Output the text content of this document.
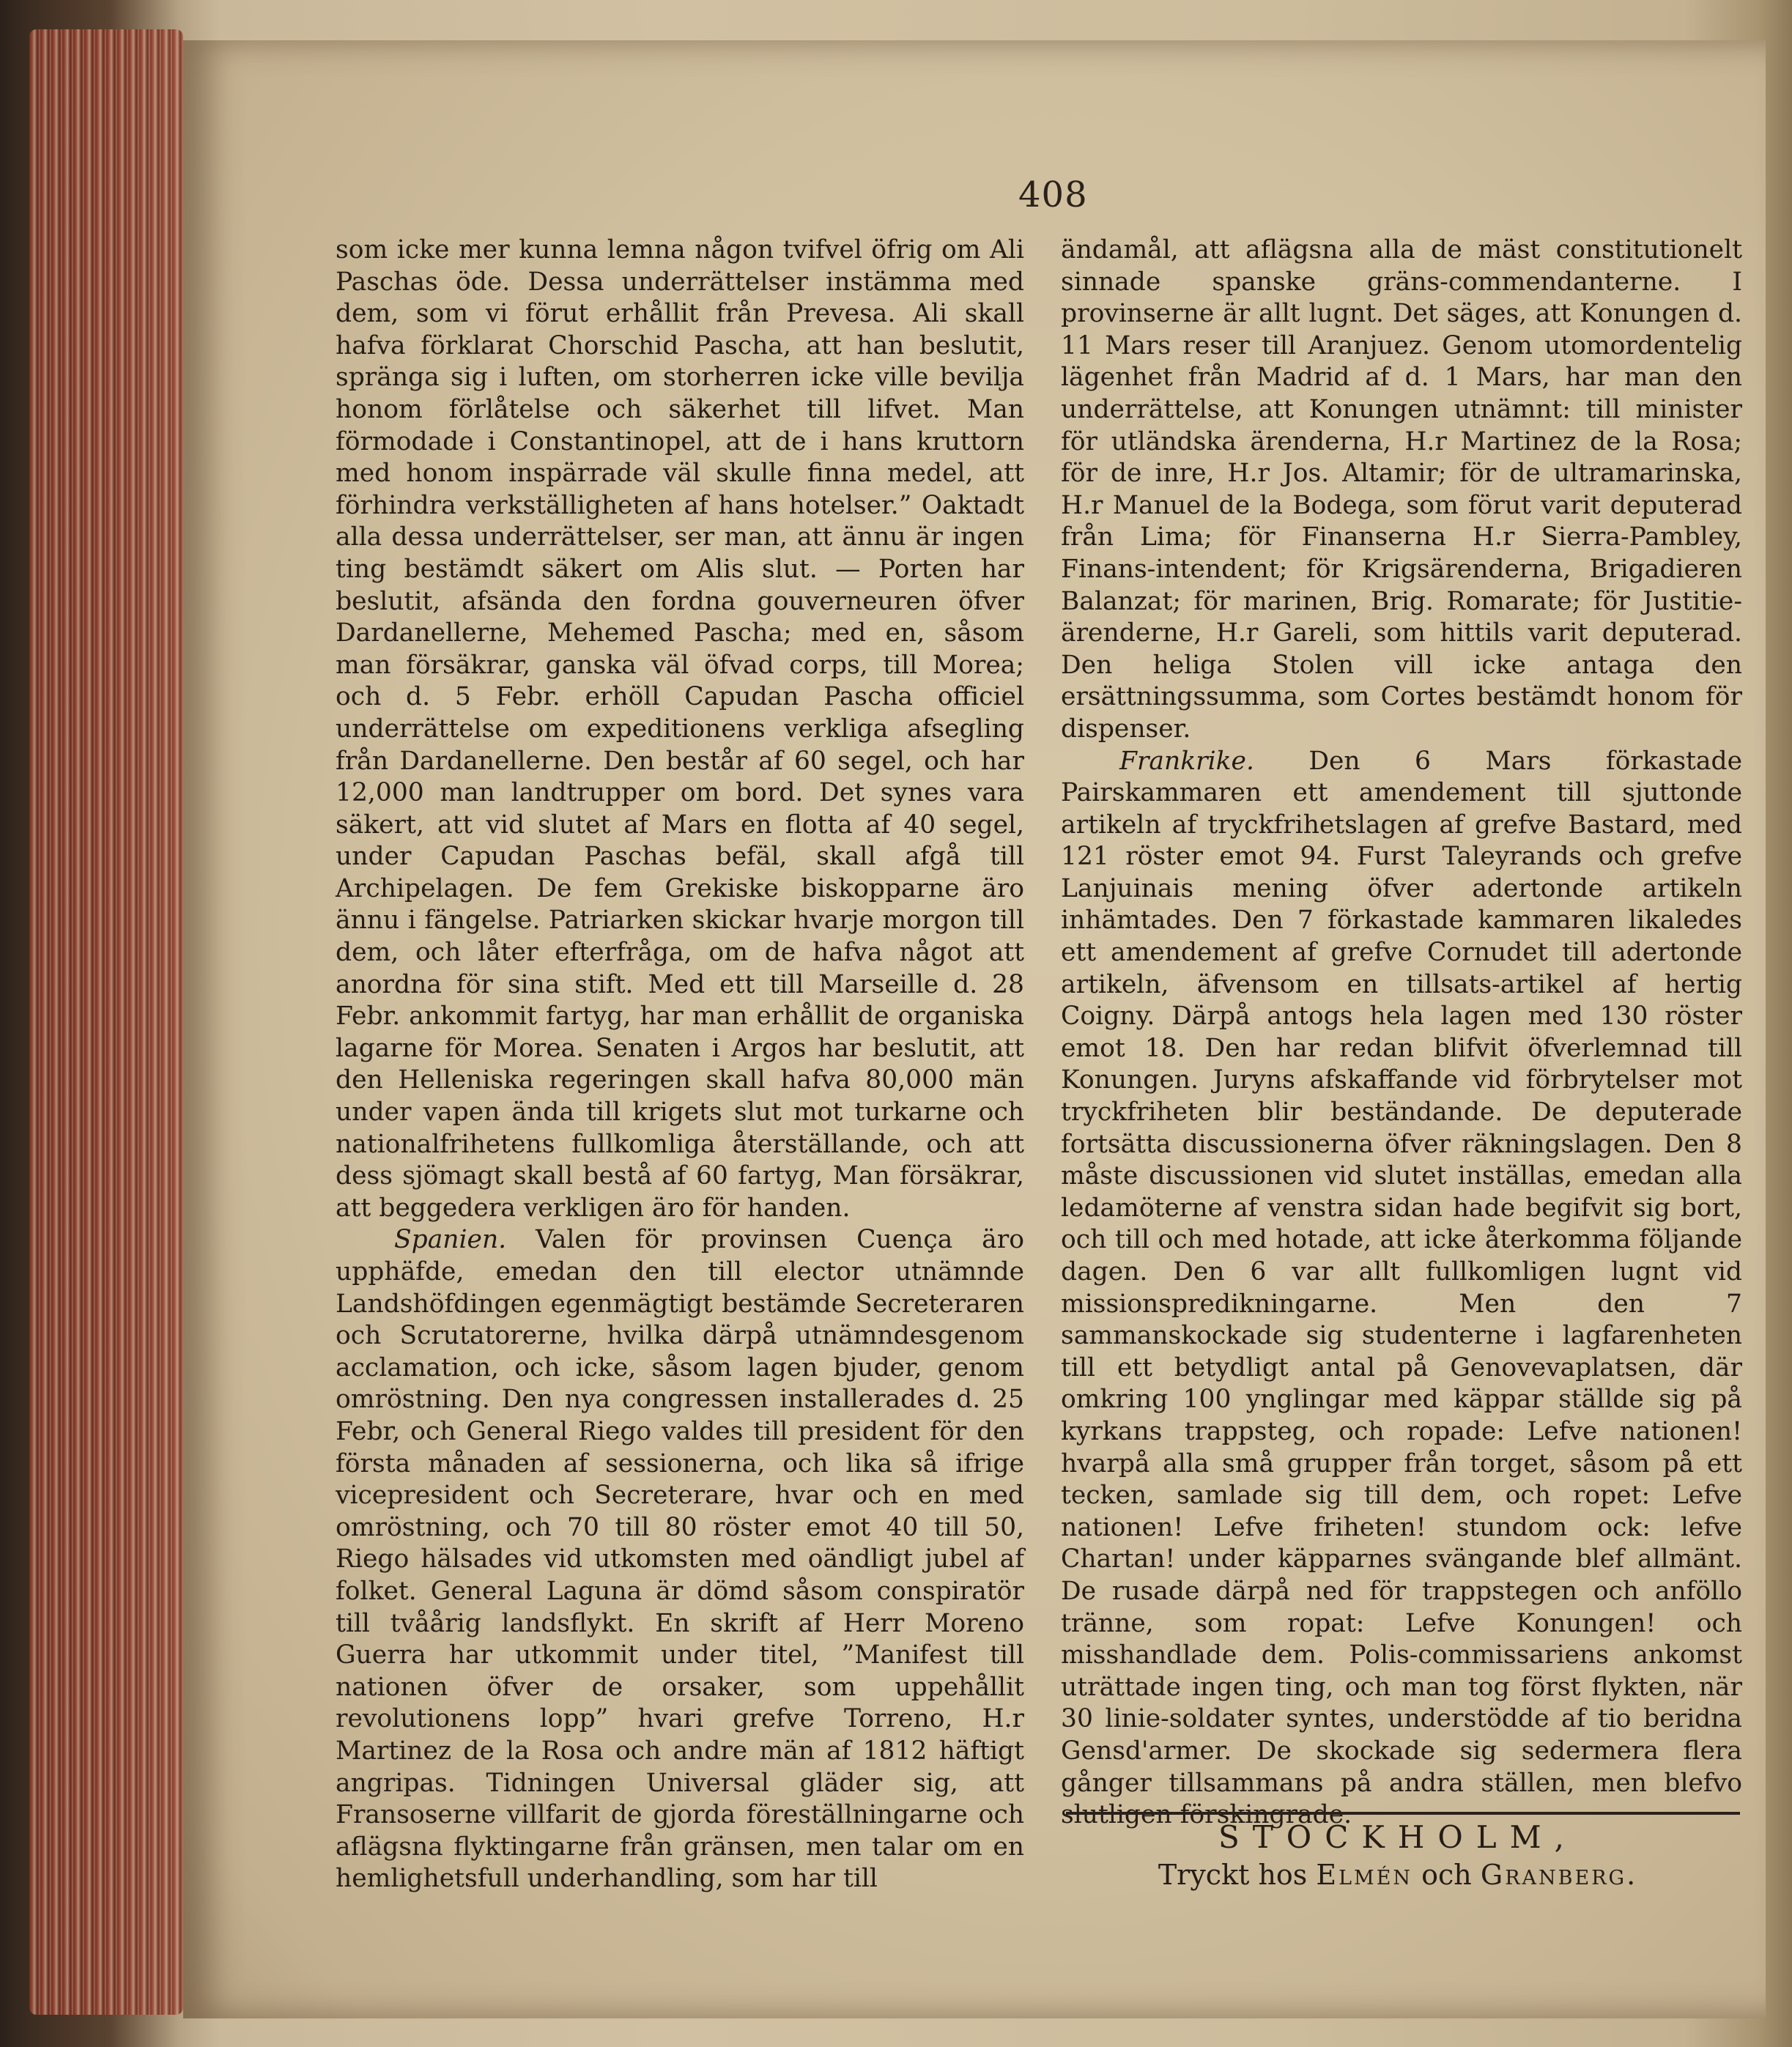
408

som icke mer kunna lemna någon tvifvel öfrig om Ali Paschas öde. Dessa underrättelser instämma med dem, som vi förut erhållit från Prevesa. Ali skall hafva förklarat Chorschid Pascha, att han beslutit, spränga sig i luften, om storherren icke ville bevilja honom förlåtelse och säkerhet till lifvet. Man förmodade i Constantinopel, att de i hans kruttorn med honom inspärrade väl skulle finna medel, att förhindra verkställigheten af hans hotelser.” Oaktadt alla dessa underrättelser, ser man, att ännu är ingen ting bestämdt säkert om Alis slut. — Porten har beslutit, afsända den fordna gouverneuren öfver Dardanellerne, Mehemed Pascha; med en, såsom man försäkrar, ganska väl öfvad corps, till Morea; och d. 5 Febr. erhöll Capudan Pascha officiel underrättelse om expeditionens verkliga afsegling från Dardanellerne. Den består af 60 segel, och har 12,000 man landtrupper om bord. Det synes vara säkert, att vid slutet af Mars en flotta af 40 segel, under Capudan Paschas befäl, skall afgå till Archipelagen. De fem Grekiske biskopparne äro ännu i fängelse. Patriarken skickar hvarje morgon till dem, och låter efterfråga, om de hafva något att anordna för sina stift. Med ett till Marseille d. 28 Febr. ankommit fartyg, har man erhållit de organiska lagarne för Morea. Senaten i Argos har beslutit, att den Helleniska regeringen skall hafva 80,000 män under vapen ända till krigets slut mot turkarne och nationalfrihetens fullkomliga återställande, och att dess sjömagt skall bestå af 60 fartyg, Man försäkrar, att beggedera verkligen äro för handen.

Spanien. Valen för provinsen Cuença äro upphäfde, emedan den till elector utnämnde Landshöfdingen egenmägtigt bestämde Secreteraren och Scrutatorerne, hvilka därpå utnämndesgenom acclamation, och icke, såsom lagen bjuder, genom omröstning. Den nya congressen installerades d. 25 Febr, och General Riego valdes till president för den första månaden af sessionerna, och lika så ifrige vicepresident och Secreterare, hvar och en med omröstning, och 70 till 80 röster emot 40 till 50, Riego hälsades vid utkomsten med oändligt jubel af folket. General Laguna är dömd såsom conspiratör till tvåårig landsflykt. En skrift af Herr Moreno Guerra har utkommit under titel, ”Manifest till nationen öfver de orsaker, som uppehållit revolutionens lopp” hvari grefve Torreno, H.r Martinez de la Rosa och andre män af 1812 häftigt angripas. Tidningen Universal gläder sig, att Fransoserne villfarit de gjorda föreställningarne och aflägsna flyktingarne från gränsen, men talar om en hemlighetsfull underhandling, som har till

ändamål, att aflägsna alla de mäst constitutionelt sinnade spanske gräns-commendanterne. I provinserne är allt lugnt. Det säges, att Konungen d. 11 Mars reser till Aranjuez. Genom utomordentelig lägenhet från Madrid af d. 1 Mars, har man den underrättelse, att Konungen utnämnt: till minister för utländska ärenderna, H.r Martinez de la Rosa; för de inre, H.r Jos. Altamir; för de ultramarinska, H.r Manuel de la Bodega, som förut varit deputerad från Lima; för Finanserna H.r Sierra-Pambley, Finans-intendent; för Krigsärenderna, Brigadieren Balanzat; för marinen, Brig. Romarate; för Justitie-ärenderne, H.r Gareli, som hittils varit deputerad. Den heliga Stolen vill icke antaga den ersättningssumma, som Cortes bestämdt honom för dispenser.

Frankrike. Den 6 Mars förkastade Pairskammaren ett amendement till sjuttonde artikeln af tryckfrihetslagen af grefve Bastard, med 121 röster emot 94. Furst Taleyrands och grefve Lanjuinais mening öfver adertonde artikeln inhämtades. Den 7 förkastade kammaren likaledes ett amendement af grefve Cornudet till adertonde artikeln, äfvensom en tillsats-artikel af hertig Coigny. Därpå antogs hela lagen med 130 röster emot 18. Den har redan blifvit öfverlemnad till Konungen. Juryns afskaffande vid förbrytelser mot tryckfriheten blir beständande. De deputerade fortsätta discussionerna öfver räkningslagen. Den 8 måste discussionen vid slutet inställas, emedan alla ledamöterne af venstra sidan hade begifvit sig bort, och till och med hotade, att icke återkomma följande dagen. Den 6 var allt fullkomligen lugnt vid missionspredikningarne. Men den 7 sammanskockade sig studenterne i lagfarenheten till ett betydligt antal på Genovevaplatsen, där omkring 100 ynglingar med käppar ställde sig på kyrkans trappsteg, och ropade: Lefve nationen! hvarpå alla små grupper från torget, såsom på ett tecken, samlade sig till dem, och ropet: Lefve nationen! Lefve friheten! stundom ock: lefve Chartan! under käpparnes svängande blef allmänt. De rusade därpå ned för trappstegen och anföllo tränne, som ropat: Lefve Konungen! och misshandlade dem. Polis-commissariens ankomst uträttade ingen ting, och man tog först flykten, när 30 linie-soldater syntes, understödde af tio beridna Gensd'armer. De skockade sig sedermera flera gånger tillsammans på andra ställen, men blefvo slutligen förskingrade.

STOCKHOLM,
Tryckt hos Elmén och Granberg.
